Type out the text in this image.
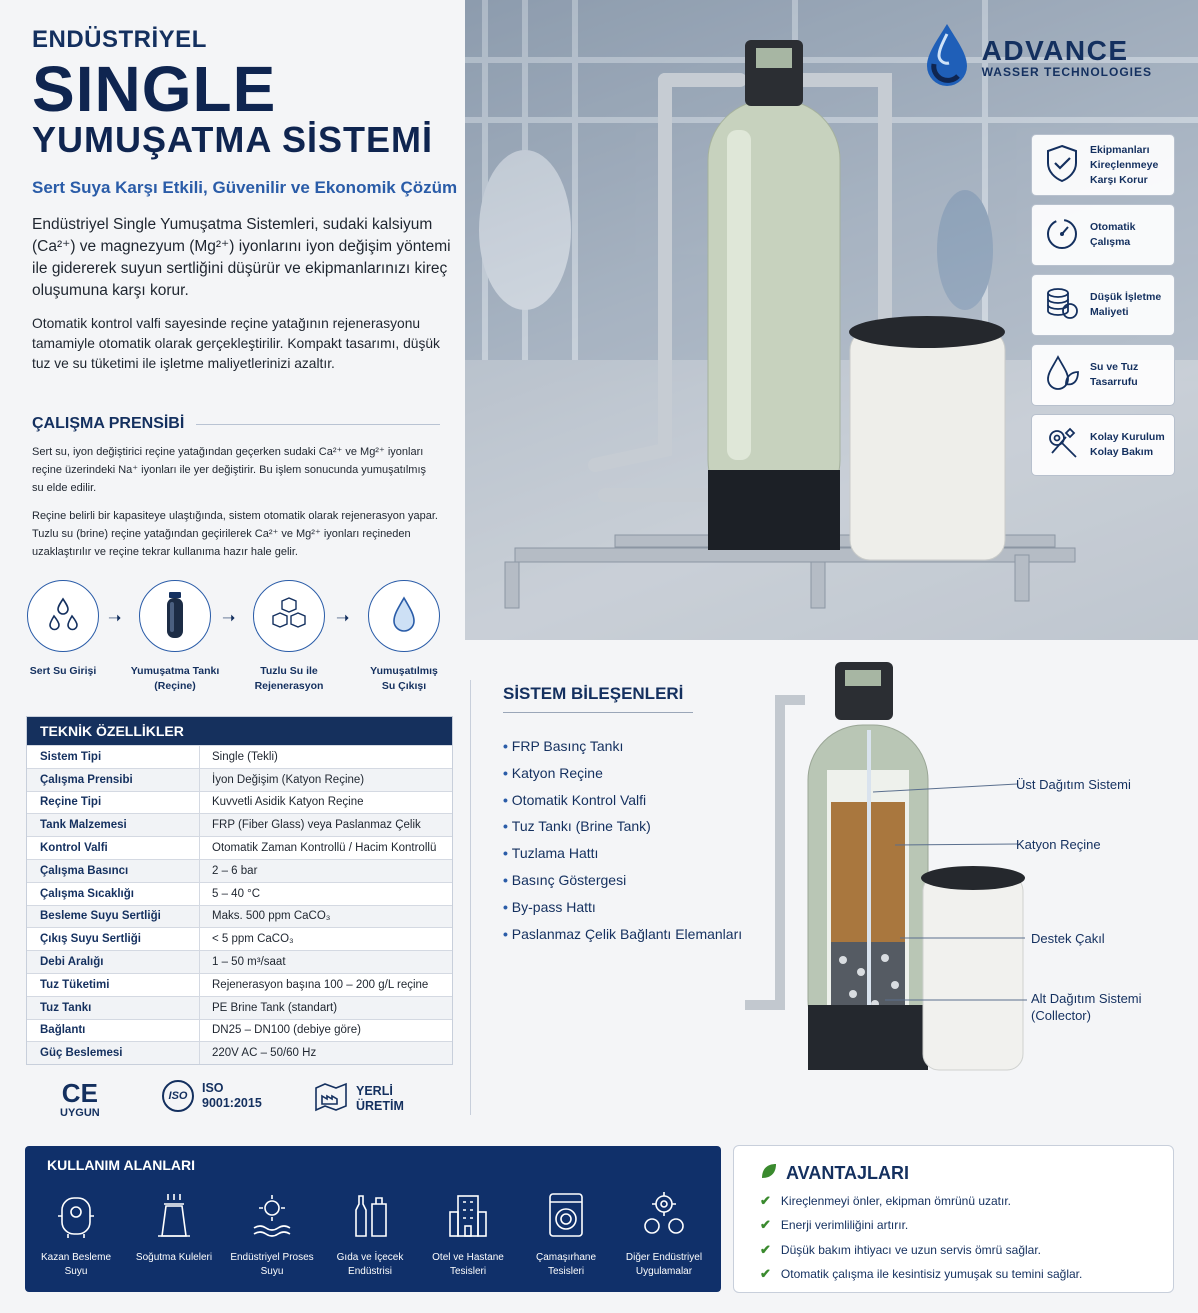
ENDÜSTRİYEL
SINGLE
YUMUŞATMA SİSTEMİ
Sert Suya Karşı Etkili, Güvenilir ve Ekonomik Çözüm
Endüstriyel Single Yumuşatma Sistemleri, sudaki kalsiyum (Ca²⁺) ve magnezyum (Mg²⁺) iyonlarını iyon değişim yöntemi ile gidererek suyun sertliğini düşürür ve ekipmanlarınızı kireç oluşumuna karşı korur.
Otomatik kontrol valfi sayesinde reçine yatağının rejenerasyonu tamamiyle otomatik olarak gerçekleştirilir. Kompakt tasarımı, düşük tuz ve su tüketimi ile işletme maliyetlerinizi azaltır.
ÇALIŞMA PRENSİBİ

Sert su, iyon değiştirici reçine yatağından geçerken sudaki Ca²⁺ ve Mg²⁺ iyonları reçine üzerindeki Na⁺ iyonları ile yer değiştirir. Bu işlem sonucunda yumuşatılmış su elde edilir.

Reçine belirli bir kapasiteye ulaştığında, sistem otomatik olarak rejenerasyon yapar. Tuzlu su (brine) reçine yatağından geçirilerek Ca²⁺ ve Mg²⁺ iyonları reçineden uzaklaştırılır ve reçine tekrar kullanıma hazır hale gelir.

Sert Su Girişi

➝
Yumuşatma Tankı
(Reçine)
➝
Tuzlu Su ile
Rejenerasyon
➝
Yumuşatılmış
Su Çıkışı
TEKNİK ÖZELLİKLER
Sistem Tipi	Single (Tekli)
Çalışma Prensibi	İyon Değişim (Katyon Reçine)
Reçine Tipi	Kuvvetli Asidik Katyon Reçine
Tank Malzemesi	FRP (Fiber Glass) veya Paslanmaz Çelik
Kontrol Valfi	Otomatik Zaman Kontrollü / Hacim Kontrollü
Çalışma Basıncı	2 – 6 bar
Çalışma Sıcaklığı	5 – 40 °C
Besleme Suyu Sertliği	Maks. 500 ppm CaCO₃
Çıkış Suyu Sertliği	< 5 ppm CaCO₃
Debi Aralığı	1 – 50 m³/saat
Tuz Tüketimi	Rejenerasyon başına 100 – 200 g/L reçine
Tuz Tankı	PE Brine Tank (standart)
Bağlantı	DN25 – DN100 (debiye göre)
Güç Beslemesi	220V AC – 50/60 Hz
CE
UYGUN
ISO
ISO
9001:2015
YERLİ
ÜRETİM
ADVANCE
WASSER TECHNOLOGIES
Ekipmanları
Kireçlenmeye
Karşı Korur
Otomatik
Çalışma
Düşük İşletme
Maliyeti
Su ve Tuz
Tasarrufu
Kolay Kurulum
Kolay Bakım
SİSTEM BİLEŞENLERİ
• FRP Basınç Tankı
• Katyon Reçine
• Otomatik Kontrol Valfi
• Tuz Tankı (Brine Tank)
• Tuzlama Hattı
• Basınç Göstergesi
• By-pass Hattı
• Paslanmaz Çelik Bağlantı Elemanları
Üst Dağıtım Sistemi
Katyon Reçine
Destek Çakıl
Alt Dağıtım Sistemi
(Collector)
KULLANIM ALANLARI
Kazan Besleme
Suyu
Soğutma Kuleleri	Endüstriyel Proses
Suyu
Gıda ve İçecek
Endüstrisi
Otel ve Hastane
Tesisleri
Çamaşırhane
Tesisleri
Diğer Endüstriyel
Uygulamalar
AVANTAJLARI
✔ Kireçlenmeyi önler, ekipman ömrünü uzatır.
✔ Enerji verimliliğini artırır.
✔ Düşük bakım ihtiyacı ve uzun servis ömrü sağlar.
✔ Otomatik çalışma ile kesintisiz yumuşak su temini sağlar.
